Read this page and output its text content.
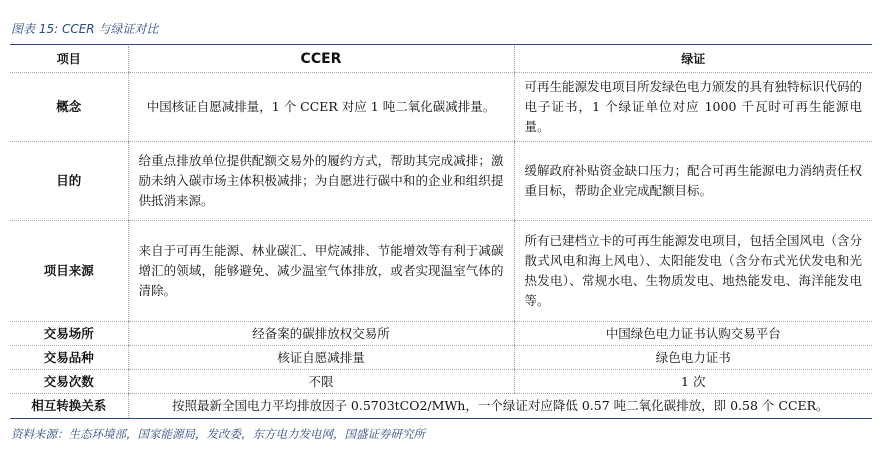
图表 15: CCER 与绿证对比
项目	CCER	绿证
概念	中国核证自愿减排量，1 个 CCER 对应 1 吨二氧化碳减排量。	可再生能源发电项目所发绿色电力颁发的具有独特标识代码的电子证书，1 个绿证单位对应 1000 千瓦时可再生能源电量。
目的	给重点排放单位提供配额交易外的履约方式，帮助其完成减排；激励未纳入碳市场主体积极减排；为自愿进行碳中和的企业和组织提供抵消来源。	缓解政府补贴资金缺口压力；配合可再生能源电力消纳责任权重目标，帮助企业完成配额目标。
项目来源	来自于可再生能源、林业碳汇、甲烷减排、节能增效等有利于减碳增汇的领域，能够避免、减少温室气体排放，或者实现温室气体的清除。	所有已建档立卡的可再生能源发电项目，包括全国风电（含分散式风电和海上风电）、太阳能发电（含分布式光伏发电和光热发电）、常规水电、生物质发电、地热能发电、海洋能发电等。
交易场所	经备案的碳排放权交易所	中国绿色电力证书认购交易平台
交易品种	核证自愿减排量	绿色电力证书
交易次数	不限	1 次
相互转换关系	按照最新全国电力平均排放因子 0.5703tCO2/MWh，一个绿证对应降低 0.57 吨二氧化碳排放，即 0.58 个 CCER。	
资料来源：生态环境部，国家能源局，发改委，东方电力发电网，国盛证券研究所
